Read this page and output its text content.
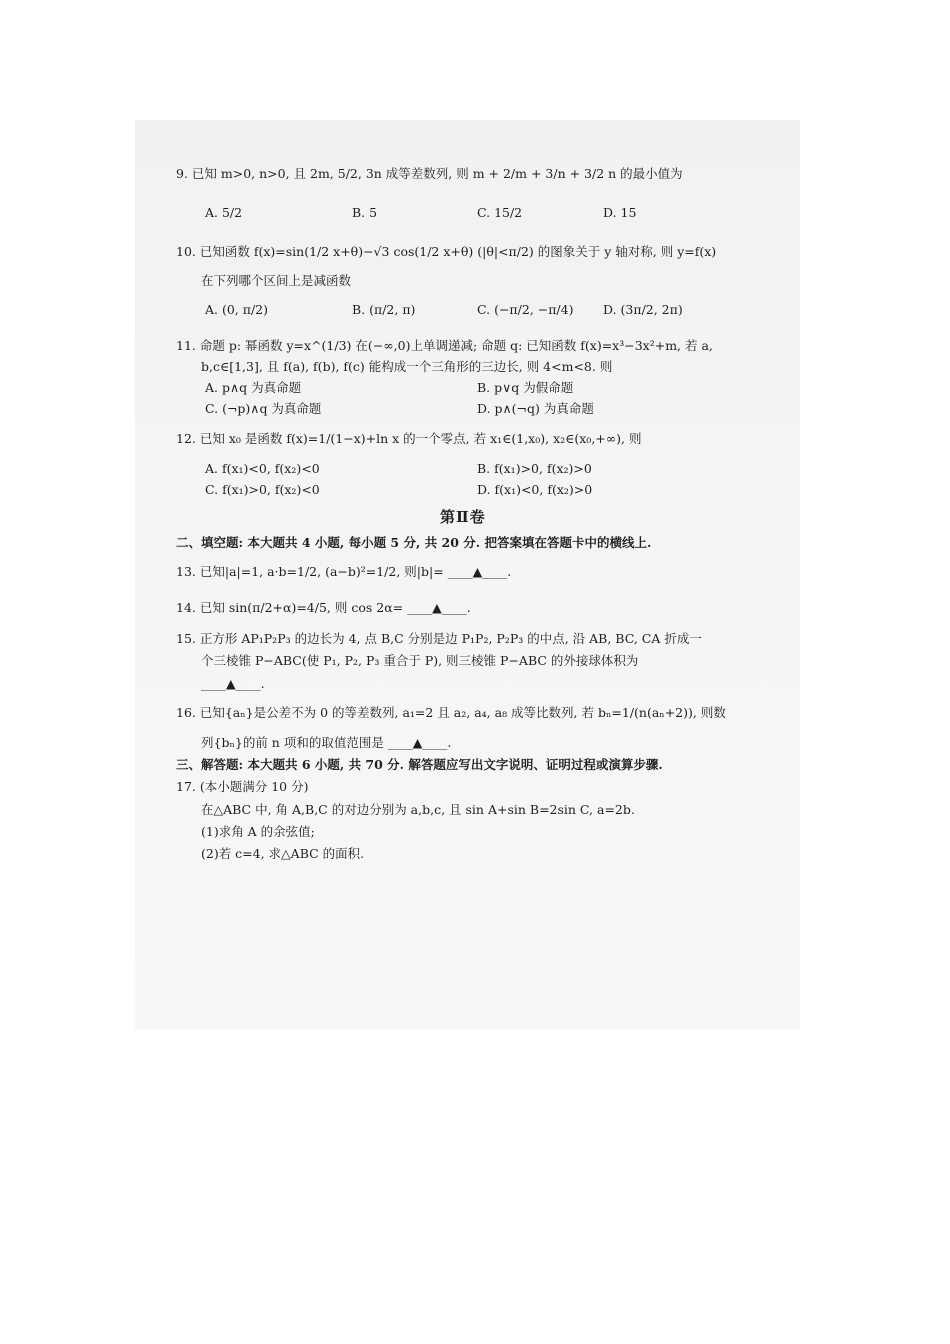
9. 已知 m>0, n>0, 且 2m, 5/2, 3n 成等差数列, 则 m + 2/m + 3/n + 3/2 n 的最小值为
A. 5/2	B. 5	C. 15/2	D. 15
10. 已知函数 f(x)=sin(1/2 x+θ)−√3 cos(1/2 x+θ) (|θ|<π/2) 的图象关于 y 轴对称, 则 y=f(x)
在下列哪个区间上是减函数
A. (0, π/2)	B. (π/2, π)	C. (−π/2, −π/4) D. (3π/2, 2π)
11. 命题 p: 幂函数 y=x^(1/3) 在(−∞,0)上单调递减; 命题 q: 已知函数 f(x)=x³−3x²+m, 若 a,
b,c∈[1,3], 且 f(a), f(b), f(c) 能构成一个三角形的三边长, 则 4<m<8. 则
A. p∧q 为真命题	B. p∨q 为假命题
C. (¬p)∧q 为真命题	D. p∧(¬q) 为真命题
12. 已知 x₀ 是函数 f(x)=1/(1−x)+ln x 的一个零点, 若 x₁∈(1,x₀), x₂∈(x₀,+∞), 则
A. f(x₁)<0, f(x₂)<0	B. f(x₁)>0, f(x₂)>0
C. f(x₁)>0, f(x₂)<0	D. f(x₁)<0, f(x₂)>0
第Ⅱ卷
二、填空题: 本大题共 4 小题, 每小题 5 分, 共 20 分. 把答案填在答题卡中的横线上.
13. 已知|a|=1, a·b=1/2, (a−b)²=1/2, 则|b|= ____▲____.
14. 已知 sin(π/2+α)=4/5, 则 cos 2α= ____▲____.
15. 正方形 AP₁P₂P₃ 的边长为 4, 点 B,C 分别是边 P₁P₂, P₂P₃ 的中点, 沿 AB, BC, CA 折成一
个三棱锥 P−ABC(使 P₁, P₂, P₃ 重合于 P), 则三棱锥 P−ABC 的外接球体积为
____▲____.
16. 已知{aₙ}是公差不为 0 的等差数列, a₁=2 且 a₂, a₄, a₈ 成等比数列, 若 bₙ=1/(n(aₙ+2)), 则数
列{bₙ}的前 n 项和的取值范围是 ____▲____.
三、解答题: 本大题共 6 小题, 共 70 分. 解答题应写出文字说明、证明过程或演算步骤.
17. (本小题满分 10 分)
在△ABC 中, 角 A,B,C 的对边分别为 a,b,c, 且 sin A+sin B=2sin C, a=2b.
(1)求角 A 的余弦值;
(2)若 c=4, 求△ABC 的面积.
